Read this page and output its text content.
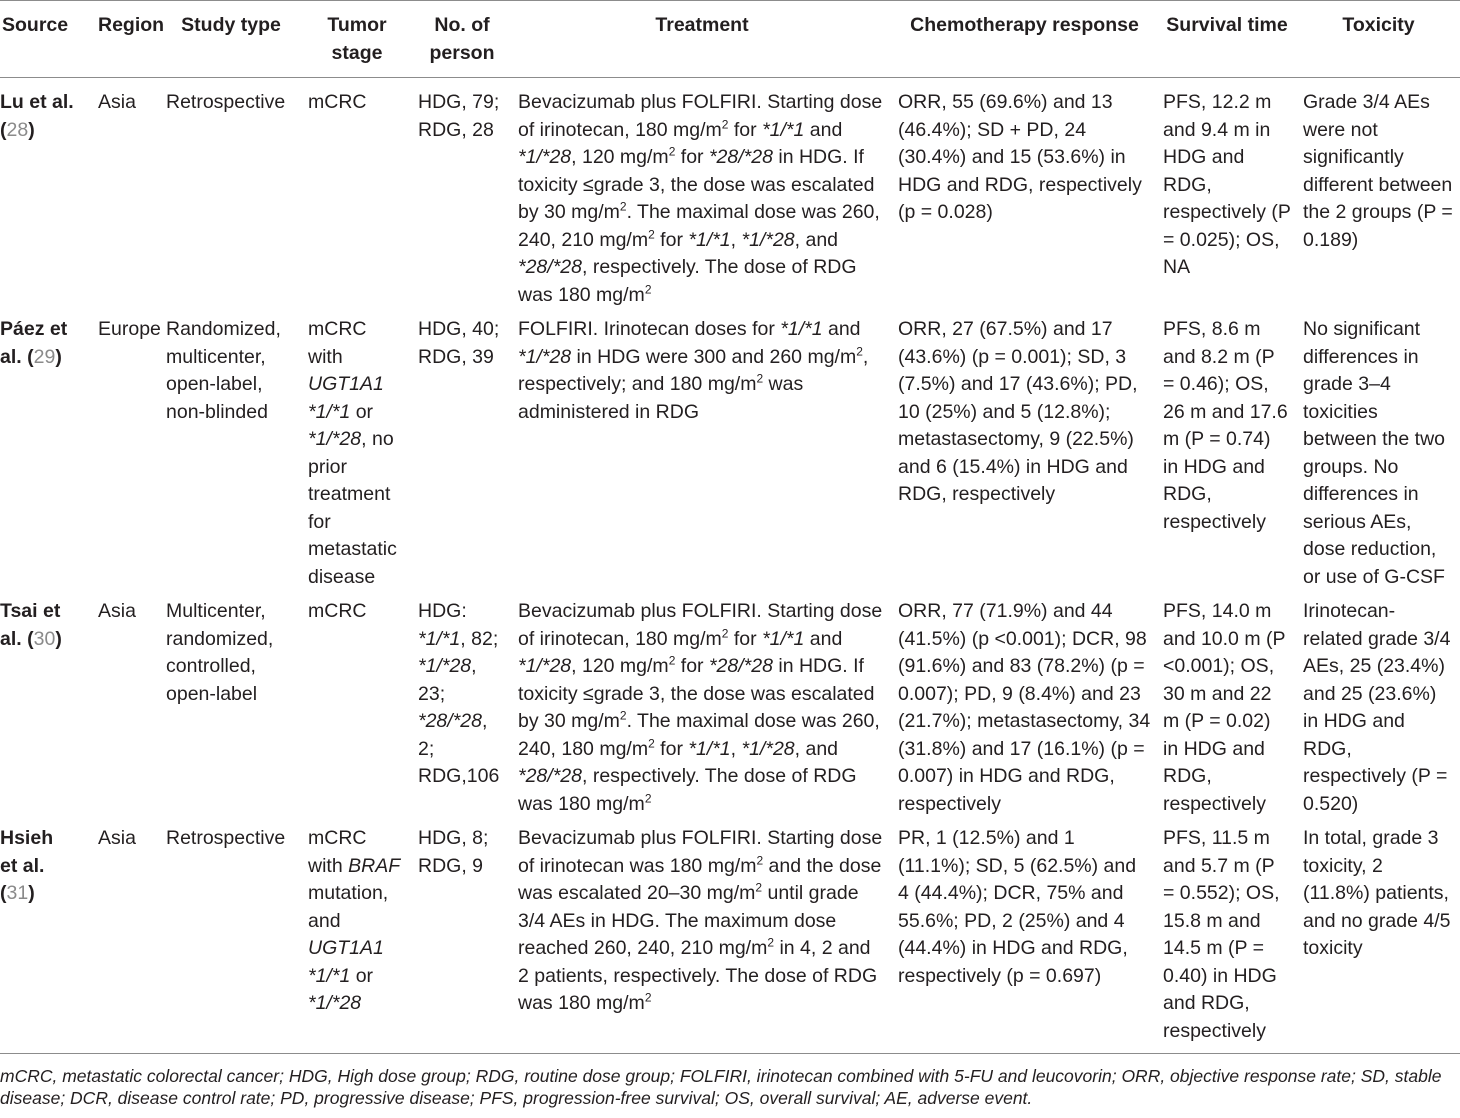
Source	Region	Study type	Tumor stage	No. of person	Treatment	Chemotherapy response	Survival time	Toxicity
Lu et al. (28)	Asia	Retrospective	mCRC	HDG, 79; RDG, 28	Bevacizumab plus FOLFIRI. Starting dose of irinotecan, 180 $mg/m^2$ for *1/*1 and *1/*28, 120 $mg/m^2$ for *28/*28 in HDG. If toxicity ≤grade 3, the dose was escalated by 30 $mg/m^2$. The maximal dose was 260, 240, 210 $mg/m^2$ for *1/*1, *1/*28, and *28/*28, respectively. The dose of RDG was 180 $mg/m^2$	ORR, 55 (69.6%) and 13 (46.4%); SD + PD, 24 (30.4%) and 15 (53.6%) in HDG and RDG, respectively (p = 0.028)	PFS, 12.2 m and 9.4 m in HDG and RDG, respectively (P = 0.025); OS, NA	Grade 3/4 AEs were not significantly different between the 2 groups (P = 0.189)
Páez et al. (29)	Europe	Randomized, multicenter, open-label, non-blinded	mCRC with UGT1A1 *1/*1 or *1/*28, no prior treatment for metastatic disease	HDG, 40; RDG, 39	FOLFIRI. Irinotecan doses for *1/*1 and *1/*28 in HDG were 300 and 260 $mg/m^2$, respectively; and 180 $mg/m^2$ was administered in RDG	ORR, 27 (67.5%) and 17 (43.6%) (p = 0.001); SD, 3 (7.5%) and 17 (43.6%); PD, 10 (25%) and 5 (12.8%); metastasectomy, 9 (22.5%) and 6 (15.4%) in HDG and RDG, respectively	PFS, 8.6 m and 8.2 m (P = 0.46); OS, 26 m and 17.6 m (P = 0.74) in HDG and RDG, respectively	No significant differences in grade 3–4 toxicities between the two groups. No differences in serious AEs, dose reduction, or use of G-CSF
Tsai et al. (30)	Asia	Multicenter, randomized, controlled, open-label	mCRC	HDG: *1/*1, 82; *1/*28, 23; *28/*28, 2; RDG,106	Bevacizumab plus FOLFIRI. Starting dose of irinotecan, 180 $mg/m^2$ for *1/*1 and *1/*28, 120 $mg/m^2$ for *28/*28 in HDG. If toxicity ≤grade 3, the dose was escalated by 30 $mg/m^2$. The maximal dose was 260, 240, 180 $mg/m^2$ for *1/*1, *1/*28, and *28/*28, respectively. The dose of RDG was 180 $mg/m^2$	ORR, 77 (71.9%) and 44 (41.5%) (p <0.001); DCR, 98 (91.6%) and 83 (78.2%) (p = 0.007); PD, 9 (8.4%) and 23 (21.7%); metastasectomy, 34 (31.8%) and 17 (16.1%) (p = 0.007) in HDG and RDG, respectively	PFS, 14.0 m and 10.0 m (P <0.001); OS, 30 m and 22 m (P = 0.02) in HDG and RDG, respectively	Irinotecan-related grade 3/4 AEs, 25 (23.4%) and 25 (23.6%) in HDG and RDG, respectively (P = 0.520)
Hsieh et al. (31)	Asia	Retrospective	mCRC with BRAF mutation, and UGT1A1 *1/*1 or *1/*28	HDG, 8; RDG, 9	Bevacizumab plus FOLFIRI. Starting dose of irinotecan was 180 $mg/m^2$ and the dose was escalated 20–30 $mg/m^2$ until grade 3/4 AEs in HDG. The maximum dose reached 260, 240, 210 $mg/m^2$ in 4, 2 and 2 patients, respectively. The dose of RDG was 180 $mg/m^2$	PR, 1 (12.5%) and 1 (11.1%); SD, 5 (62.5%) and 4 (44.4%); DCR, 75% and 55.6%; PD, 2 (25%) and 4 (44.4%) in HDG and RDG, respectively (p = 0.697)	PFS, 11.5 m and 5.7 m (P = 0.552); OS, 15.8 m and 14.5 m (P = 0.40) in HDG and RDG, respectively	In total, grade 3 toxicity, 2 (11.8%) patients, and no grade 4/5 toxicity
mCRC, metastatic colorectal cancer; HDG, High dose group; RDG, routine dose group; FOLFIRI, irinotecan combined with 5-FU and leucovorin; ORR, objective response rate; SD, stable disease; DCR, disease control rate; PD, progressive disease; PFS, progression-free survival; OS, overall survival; AE, adverse event.
